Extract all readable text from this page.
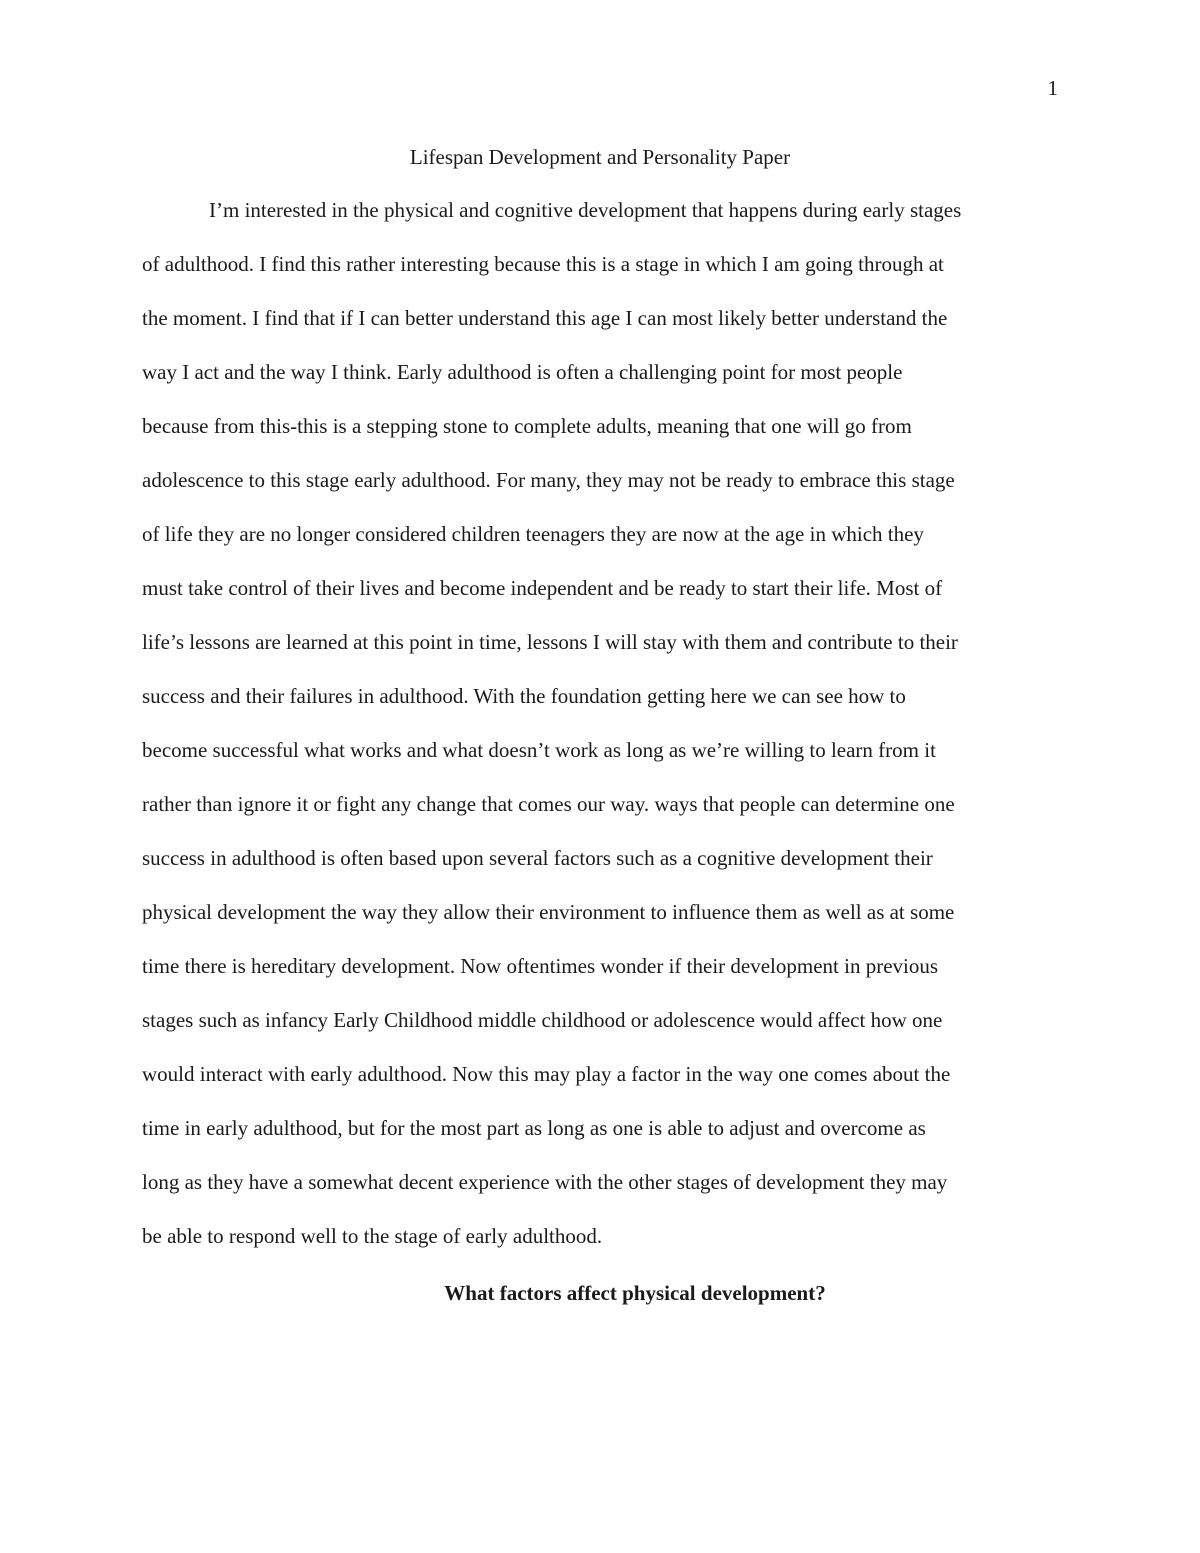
1
Lifespan Development and Personality Paper
I’m interested in the physical and cognitive development that happens during early stages
of adulthood. I find this rather interesting because this is a stage in which I am going through at
the moment. I find that if I can better understand this age I can most likely better understand the
way I act and the way I think. Early adulthood is often a challenging point for most people
because from this-this is a stepping stone to complete adults, meaning that one will go from
adolescence to this stage early adulthood. For many, they may not be ready to embrace this stage
of life they are no longer considered children teenagers they are now at the age in which they
must take control of their lives and become independent and be ready to start their life. Most of
life’s lessons are learned at this point in time, lessons I will stay with them and contribute to their
success and their failures in adulthood. With the foundation getting here we can see how to
become successful what works and what doesn’t work as long as we’re willing to learn from it
rather than ignore it or fight any change that comes our way. ways that people can determine one
success in adulthood is often based upon several factors such as a cognitive development their
physical development the way they allow their environment to influence them as well as at some
time there is hereditary development. Now oftentimes wonder if their development in previous
stages such as infancy Early Childhood middle childhood or adolescence would affect how one
would interact with early adulthood. Now this may play a factor in the way one comes about the
time in early adulthood, but for the most part as long as one is able to adjust and overcome as
long as they have a somewhat decent experience with the other stages of development they may
be able to respond well to the stage of early adulthood.
What factors affect physical development?
